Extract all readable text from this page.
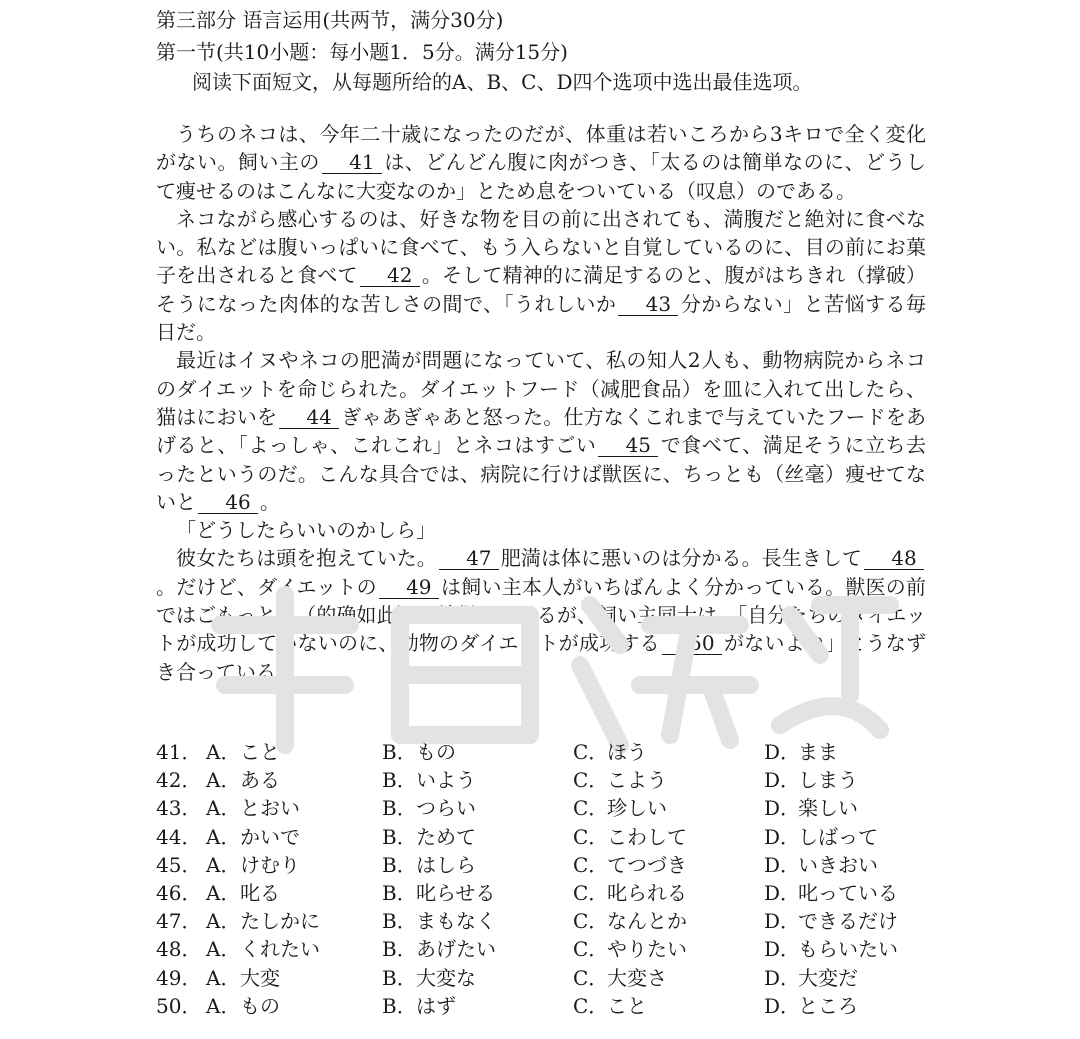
第三部分 语言运用(共两节，满分30分)
第一节(共10小题：每小题1．5分。满分15分)
阅读下面短文，从每题所给的A、B、C、D四个选项中选出最佳选项。

うちのネコは、今年二十歳になったのだが、体重は若いころから3キロで全く変化がない。飼い主の 41 は、どんどん腹に肉がつき、「太るのは簡単なのに、どうして痩せるのはこんなに大変なのか」とため息をついている（叹息）のである。

ネコながら感心するのは、好きな物を目の前に出されても、満腹だと絶対に食べない。私などは腹いっぱいに食べて、もう入らないと自覚しているのに、目の前にお菓子を出されると食べて 42 。そして精神的に満足するのと、腹がはちきれ（撑破）そうになった肉体的な苦しさの間で、「うれしいか 43 分からない」と苦悩する毎日だ。

最近はイヌやネコの肥満が問題になっていて、私の知人2人も、動物病院からネコのダイエットを命じられた。ダイエットフード（减肥食品）を皿に入れて出したら、猫はにおいを 44 ぎゃあぎゃあと怒った。仕方なくこれまで与えていたフードをあげると、「よっしゃ、これこれ」とネコはすごい 45 で食べて、満足そうに立ち去ったというのだ。こんな具合では、病院に行けば獣医に、ちっとも（丝毫）痩せてないと 46 。

「どうしたらいいのかしら」

彼女たちは頭を抱えていた。 47 肥満は体に悪いのは分かる。長生きして 48。だけど、ダイエットの 49 は飼い主本人がいちばんよく分かっている。獣医の前ではごもっとも（的确如此）と納得しているが、飼い主同士は、「自分たちのダイエットが成功していないのに、動物のダイエットが成功する 50 がないよね」とうなずき合っている。

41． A．こと	B．もの	C．ほう	D．まま
42． A．ある	B．いよう	C．こよう	D．しまう
43． A．とおい	B．つらい	C．珍しい	D．楽しい
44． A．かいで	B．ためて	C．こわして	D．しばって
45． A．けむり	B．はしら	C．てつづき	D．いきおい
46． A．叱る	B．叱らせる	C．叱られる	D．叱っている
47． A．たしかに	B．まもなく	C．なんとか	D．できるだけ
48． A．くれたい	B．あげたい	C．やりたい	D．もらいたい
49． A．大変	B．大変な	C．大変さ	D．大変だ
50． A．もの	B．はず	C．こと	D．ところ
